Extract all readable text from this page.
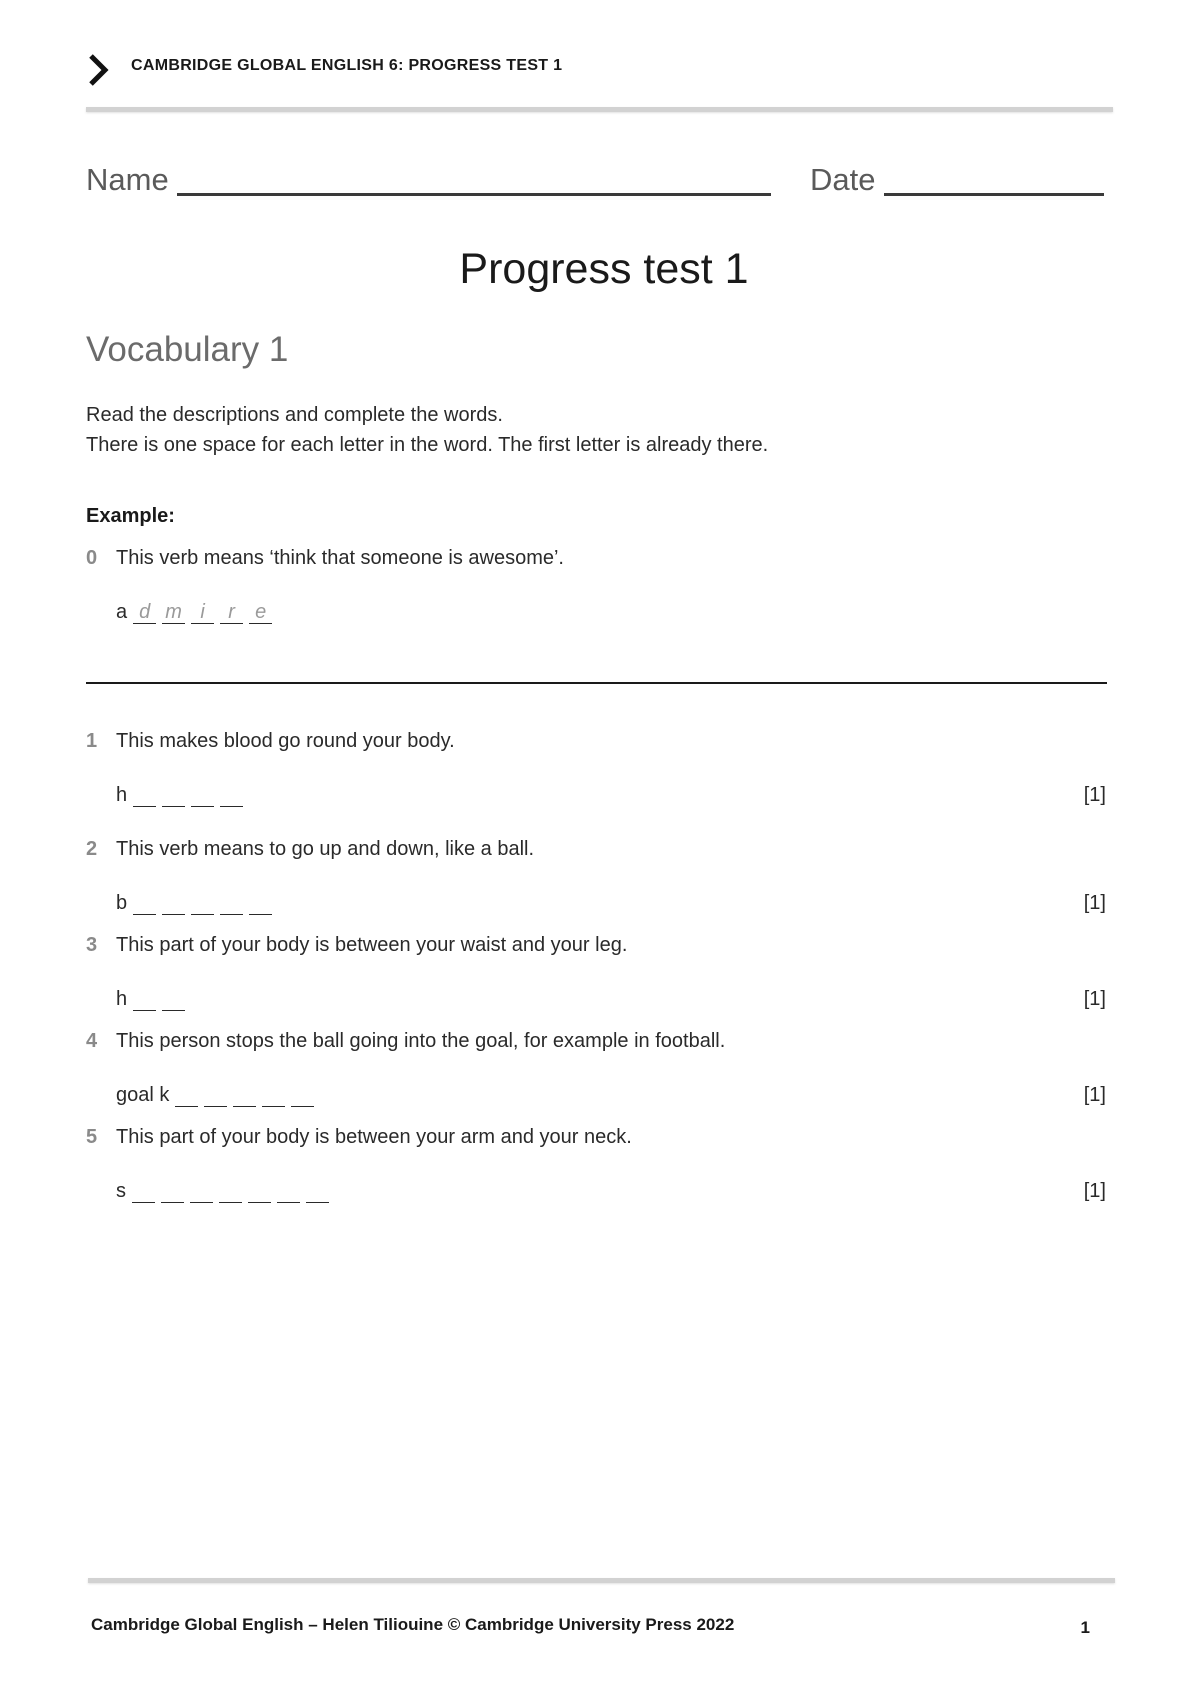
CAMBRIDGE GLOBAL ENGLISH 6: PROGRESS TEST 1
Name	Date
Progress test 1
Vocabulary 1
Read the descriptions and complete the words.
There is one space for each letter in the word. The first letter is already there.
Example:
0 This verb means ‘think that someone is awesome’.
a d m i	r	e
1 This makes blood go round your body.
h	[1]
2 This verb means to go up and down, like a ball.
b	[1]
3 This part of your body is between your waist and your leg.
h	[1]
4 This person stops the ball going into the goal, for example in football.
goal k	[1]
5 This part of your body is between your arm and your neck.
s	[1]
Cambridge Global English – Helen Tiliouine © Cambridge University Press 2022	1
